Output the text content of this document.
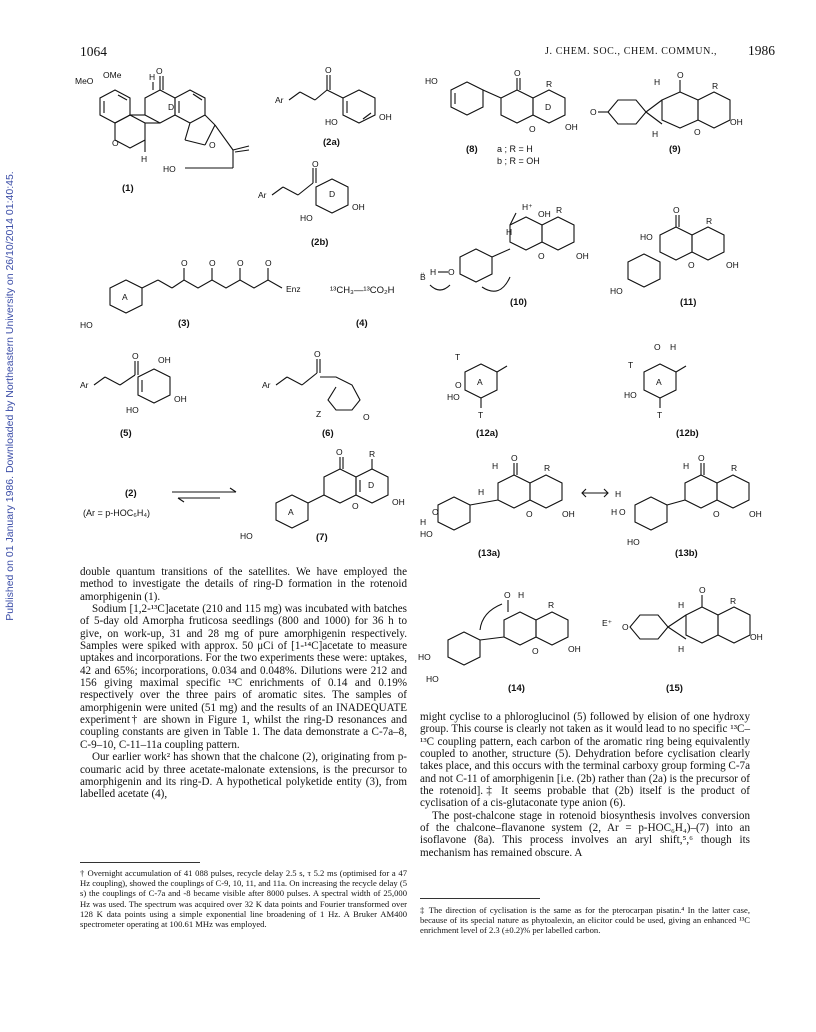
Published on 01 January 1986. Downloaded by Northeastern University on 26/10/2014 01:40:45.
1064	J. CHEM. SOC., CHEM. COMMUN., 1986
MeO
OMe	H
O
D
O
H
O
HO
(1)
Ar
O
HO	OH
(2a)
Ar	D
O
HO
OH
(2b)
A
HO
O	O	O	O
Enz
(3)
¹³CH₃—¹³CO₂H
(4)
Ar
O OH
HO
OH
(5)
Ar
O
Z	O
(6)
(2)
(Ar = p-HOC₆H₄)
D
O	R
OH
O
A
HO	(7)
HO
O
R
D
O	OH
(8) a ; R = H
b ; R = OH
O
O
H
H
R
O
OH
(9)
B̈ H O
H⁺
OH
H
R
O	OH
(10)
O
R
HO
O	OH
HO
(11)
T
A
O
HO
T
(12a)
T
O H
A
HO
T
(12b)
O
H
H
R
O	OH
H
HO
O
(13a)
O
H	R
O	OH
H
H O
HO
(13b)
O H
R
O	OH
HO
HO
(14)
E⁺ O
O
H
H
R
OH
(15)

double quantum transitions of the satellites. We have employed the method to investigate the details of ring-D formation in the rotenoid amorphigenin (1).

Sodium [1,2-¹³C]acetate (210 and 115 mg) was incubated with batches of 5-day old Amorpha fruticosa seedlings (800 and 1000) for 36 h to give, on work-up, 31 and 28 mg of pure amorphigenin respectively. Samples were spiked with approx. 50 μCi of [1-¹⁴C]acetate to measure uptakes and incorporations. For the two experiments these were: uptakes, 42 and 65%; incorporations, 0.034 and 0.048%. Dilutions were 212 and 156 giving maximal specific ¹³C enrichments of 0.14 and 0.19% respectively over the three pairs of aromatic sites. The samples of amorphigenin were united (51 mg) and the results of an INADEQUATE experiment† are shown in Figure 1, whilst the ring-D resonances and coupling constants are given in Table 1. The data demonstrate a C-7a–8, C-9–10, C-11–11a coupling pattern.

Our earlier work² has shown that the chalcone (2), originating from p-coumaric acid by three acetate-malonate extensions, is the precursor to amorphigenin and its ring-D. A hypothetical polyketide entity (3), from labelled acetate (4),

might cyclise to a phloroglucinol (5) followed by elision of one hydroxy group. This course is clearly not taken as it would lead to no specific ¹³C–¹³C coupling pattern, each carbon of the aromatic ring being equivalently coupled to another, structure (5). Dehydration before cyclisation clearly takes place, and this occurs with the terminal carboxy group forming C-7a and not C-11 of amorphigenin [i.e. (2b) rather than (2a) is the precursor of the rotenoid].‡ It seems probable that (2b) itself is the product of cyclisation of a cis-glutaconate type anion (6).

The post-chalcone stage in rotenoid biosynthesis involves conversion of the chalcone–flavanone system (2, Ar = p-HOC₆H₄)–(7) into an isoflavone (8a). This process involves an aryl shift,⁵,⁶ though its mechanism has remained obscure. A

† Overnight accumulation of 41 088 pulses, recycle delay 2.5 s, τ 5.2 ms (optimised for a 47 Hz coupling), showed the couplings of C-9, 10, 11, and 11a. On increasing the recycle delay (5 s) the couplings of C-7a and -8 became visible after 8000 pulses. A spectral width of 25,000 Hz was used. The spectrum was acquired over 32 K data points and Fourier transformed over 128 K data points using a simple exponential line broadening of 1 Hz. A Bruker AM400 spectrometer operating at 100.61 MHz was employed.

‡ The direction of cyclisation is the same as for the pterocarpan pisatin.⁴ In the latter case, because of its special nature as phytoalexin, an elicitor could be used, giving an enhanced ¹³C enrichment level of 2.3 (±0.2)% per labelled carbon.
